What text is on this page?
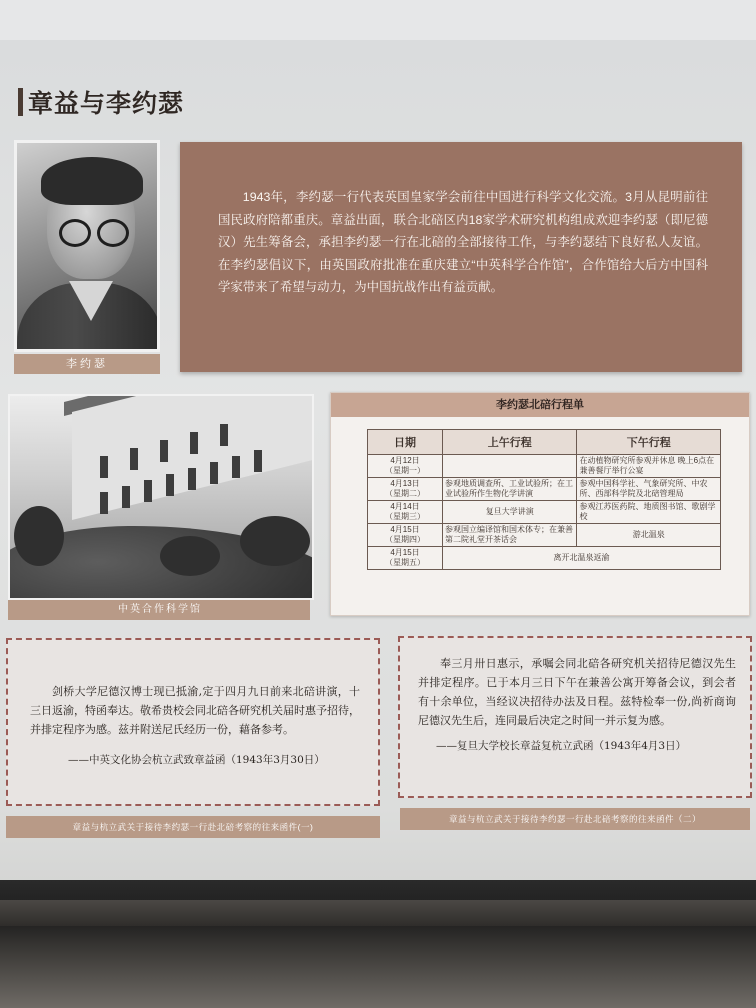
章益与李约瑟
李约瑟

1943年，李约瑟一行代表英国皇家学会前往中国进行科学文化交流。3月从昆明前往国民政府陪都重庆。章益出面，联合北碚区内18家学术研究机构组成欢迎李约瑟（即尼德汉）先生筹备会，承担李约瑟一行在北碚的全部接待工作，与李约瑟结下良好私人友谊。在李约瑟倡议下，由英国政府批准在重庆建立“中英科学合作馆”，合作馆给大后方中国科学家带来了希望与动力，为中国抗战作出有益贡献。

中英合作科学馆
李约瑟北碚行程单
日期	上午行程	下午行程
4月12日
（星期一）		在动植物研究所参观并休息 晚上6点在兼善餐厅举行公宴
4月13日
（星期二）	参观地质调查所、工业试验所；在工业试验所作生物化学讲演	参观中国科学社、气象研究所、中农所、西部科学院及北碚管理局
4月14日
（星期三）	复旦大学讲演	参观江苏医药院、地质图书馆、歌剧学校
4月15日
（星期四）	参观国立编译馆和国术体专；在兼善第二院礼堂开茶话会	游北温泉
4月15日
（星期五）	离开北温泉返渝	

剑桥大学尼德汉博士现已抵渝,定于四月九日前来北碚讲演，十三日返渝，特函奉达。敬希贵校会同北碚各研究机关届时惠予招待，并排定程序为感。兹并附送尼氏经历一份，藉备参考。

——中英文化协会杭立武致章益函（1943年3月30日）
章益与杭立武关于接待李约瑟一行赴北碚考察的往来函件(一)

奉三月卅日惠示，承嘱会同北碚各研究机关招待尼德汉先生并排定程序。已于本月三日下午在兼善公寓开筹备会议，到会者有十余单位，当经议决招待办法及日程。兹特检奉一份,尚祈商询尼德汉先生后，连同最后决定之时间一并示复为感。

——复旦大学校长章益复杭立武函（1943年4月3日）
章益与杭立武关于接待李约瑟一行赴北碚考察的往来函件（二）
